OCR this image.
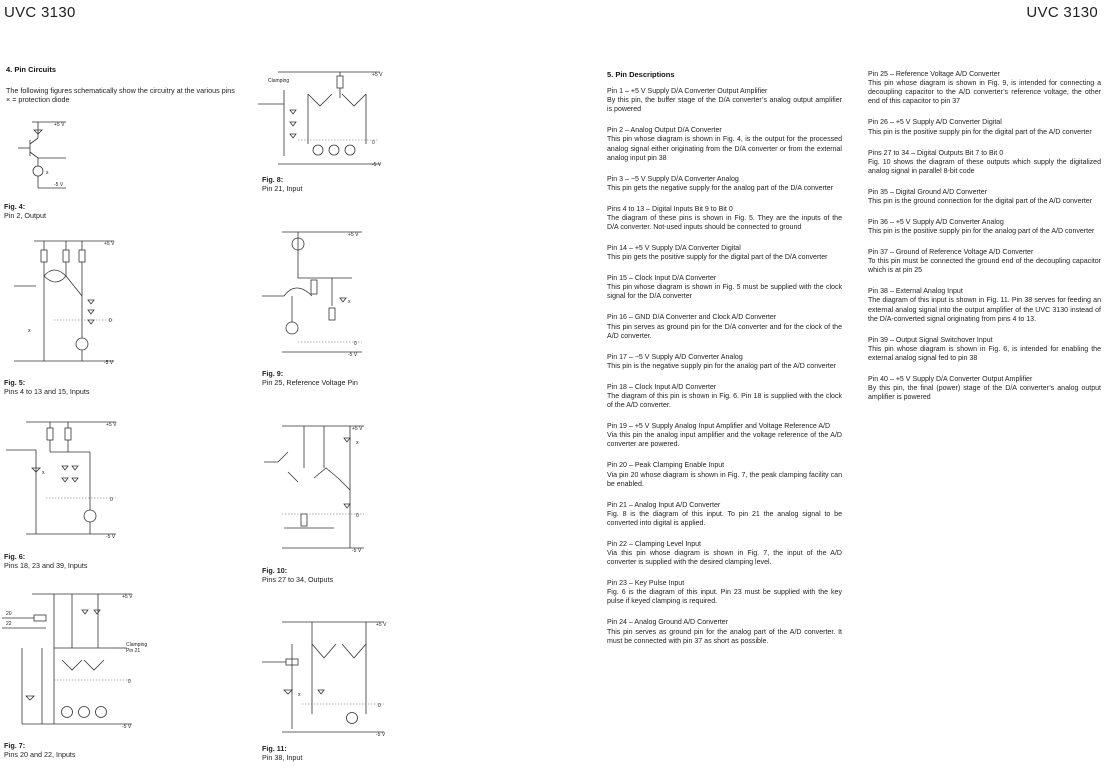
UVC 3130	UVC 3130
4. Pin Circuits
The following figures schematically show the circuitry at the various pins × = protection diode
+5 V
-5 V
x
Fig. 4:
Pin 2, Output
+5 V
-5 V
0
x
Fig. 5:
Pins 4 to 13 and 15, Inputs
+5 V
-5 V
0
x
Fig. 6:
Pins 18, 23 and 39, Inputs
20
22
+5 V
Clamping
Pin 21
-5 V
0
Fig. 7:
Pins 20 and 22, Inputs
Clamping
+5 V
0
-5 V
Fig. 8:
Pin 21, Input
+5 V
0
-5 V
x
Fig. 9:
Pin 25, Reference Voltage Pin
+5 V
0
-5 V
x
Fig. 10:
Pins 27 to 34, Outputs
+5 V
0
-5 V
x
Fig. 11:
Pin 38, Input
5. Pin Descriptions
Pin 1 – +5 V Supply D/A Converter Output Amplifier
By this pin, the buffer stage of the D/A converter’s analog output amplifier is powered
Pin 2 – Analog Output D/A Converter
This pin whose diagram is shown in Fig. 4, is the output for the processed analog signal either originating from the D/A converter or from the external analog input pin 38
Pin 3 – −5 V Supply D/A Converter Analog
This pin gets the negative supply for the analog part of the D/A converter
Pins 4 to 13 – Digital Inputs Bit 9 to Bit 0
The diagram of these pins is shown in Fig. 5. They are the inputs of the D/A converter. Not-used inputs should be connected to ground
Pin 14 – +5 V Supply D/A Converter Digital
This pin gets the positive supply for the digital part of the D/A converter
Pin 15 – Clock Input D/A Converter
This pin whose diagram is shown in Fig. 5 must be supplied with the clock signal for the D/A converter
Pin 16 – GND D/A Converter and Clock A/D Converter
This pin serves as ground pin for the D/A converter and for the clock of the A/D converter.
Pin 17 – −5 V Supply A/D Converter Analog
This pin is the negative supply pin for the analog part of the A/D converter
Pin 18 – Clock Input A/D Converter
The diagram of this pin is shown in Fig. 6. Pin 18 is supplied with the clock of the A/D converter.
Pin 19 – +5 V Supply Analog Input Amplifier and Voltage Reference A/D
Via this pin the analog input amplifier and the voltage reference of the A/D converter are powered.
Pin 20 – Peak Clamping Enable Input
Via pin 20 whose diagram is shown in Fig. 7, the peak clamping facility can be enabled.
Pin 21 – Analog Input A/D Converter
Fig. 8 is the diagram of this input. To pin 21 the analog signal to be converted into digital is applied.
Pin 22 – Clamping Level Input
Via this pin whose diagram is shown in Fig. 7, the input of the A/D converter is supplied with the desired clamping level.
Pin 23 – Key Pulse Input
Fig. 6 is the diagram of this input. Pin 23 must be supplied with the key pulse if keyed clamping is required.
Pin 24 – Analog Ground A/D Converter
This pin serves as ground pin for the analog part of the A/D converter. It must be connected with pin 37 as short as possible.
Pin 25 – Reference Voltage A/D Converter
This pin whose diagram is shown in Fig. 9, is intended for connecting a decoupling capacitor to the A/D converter’s reference voltage, the other end of this capacitor to pin 37
Pin 26 – +5 V Supply A/D Converter Digital
This pin is the positive supply pin for the digital part of the A/D converter
Pins 27 to 34 – Digital Outputs Bit 7 to Bit 0
Fig. 10 shows the diagram of these outputs which supply the digitalized analog signal in parallel 8-bit code
Pin 35 – Digital Ground A/D Converter
This pin is the ground connection for the digital part of the A/D converter
Pin 36 – +5 V Supply A/D Converter Analog
This pin is the positive supply pin for the analog part of the A/D converter
Pin 37 – Ground of Reference Voltage A/D Converter
To this pin must be connected the ground end of the decoupling capacitor which is at pin 25
Pin 38 – External Analog Input
The diagram of this input is shown in Fig. 11. Pin 38 serves for feeding an external analog signal into the output amplifier of the UVC 3130 instead of the D/A-converted signal originating from pins 4 to 13.
Pin 39 – Output Signal Switchover Input
This pin whose diagram is shown in Fig. 6, is intended for enabling the external analog signal fed to pin 38
Pin 40 – +5 V Supply D/A Converter Output Amplifier
By this pin, the final (power) stage of the D/A converter’s analog output amplifier is powered
